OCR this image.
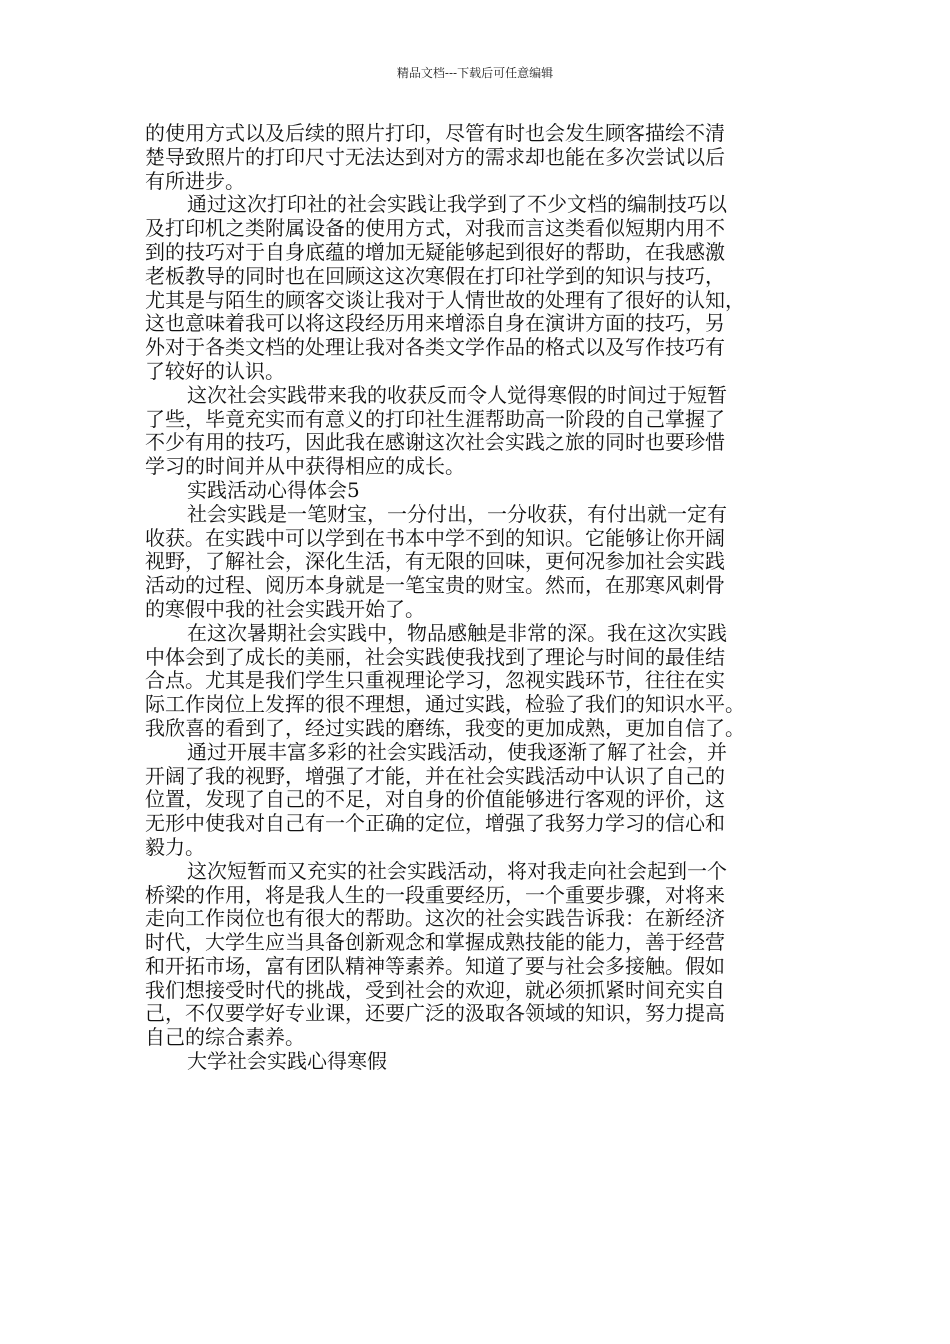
精品文档---下载后可任意编辑
的使用方式以及后续的照片打印，尽管有时也会发生顾客描绘不清
楚导致照片的打印尺寸无法达到对方的需求却也能在多次尝试以后
有所进步。
通过这次打印社的社会实践让我学到了不少文档的编制技巧以
及打印机之类附属设备的使用方式，对我而言这类看似短期内用不
到的技巧对于自身底蕴的增加无疑能够起到很好的帮助，在我感激
老板教导的同时也在回顾这这次寒假在打印社学到的知识与技巧，
尤其是与陌生的顾客交谈让我对于人情世故的处理有了很好的认知，
这也意味着我可以将这段经历用来增添自身在演讲方面的技巧，另
外对于各类文档的处理让我对各类文学作品的格式以及写作技巧有
了较好的认识。
这次社会实践带来我的收获反而令人觉得寒假的时间过于短暂
了些，毕竟充实而有意义的打印社生涯帮助高一阶段的自己掌握了
不少有用的技巧，因此我在感谢这次社会实践之旅的同时也要珍惜
学习的时间并从中获得相应的成长。
实践活动心得体会5
社会实践是一笔财宝，一分付出，一分收获，有付出就一定有
收获。在实践中可以学到在书本中学不到的知识。它能够让你开阔
视野，了解社会，深化生活，有无限的回味，更何况参加社会实践
活动的过程、阅历本身就是一笔宝贵的财宝。然而，在那寒风刺骨
的寒假中我的社会实践开始了。
在这次暑期社会实践中，物品感触是非常的深。我在这次实践
中体会到了成长的美丽，社会实践使我找到了理论与时间的最佳结
合点。尤其是我们学生只重视理论学习，忽视实践环节，往往在实
际工作岗位上发挥的很不理想，通过实践，检验了我们的知识水平。
我欣喜的看到了，经过实践的磨练，我变的更加成熟，更加自信了。
通过开展丰富多彩的社会实践活动，使我逐渐了解了社会，并
开阔了我的视野，增强了才能，并在社会实践活动中认识了自己的
位置，发现了自己的不足，对自身的价值能够进行客观的评价，这
无形中使我对自己有一个正确的定位，增强了我努力学习的信心和
毅力。
这次短暂而又充实的社会实践活动，将对我走向社会起到一个
桥梁的作用，将是我人生的一段重要经历，一个重要步骤，对将来
走向工作岗位也有很大的帮助。这次的社会实践告诉我：在新经济
时代，大学生应当具备创新观念和掌握成熟技能的能力，善于经营
和开拓市场，富有团队精神等素养。知道了要与社会多接触。假如
我们想接受时代的挑战，受到社会的欢迎，就必须抓紧时间充实自
己，不仅要学好专业课，还要广泛的汲取各领域的知识，努力提高
自己的综合素养。
大学社会实践心得寒假
